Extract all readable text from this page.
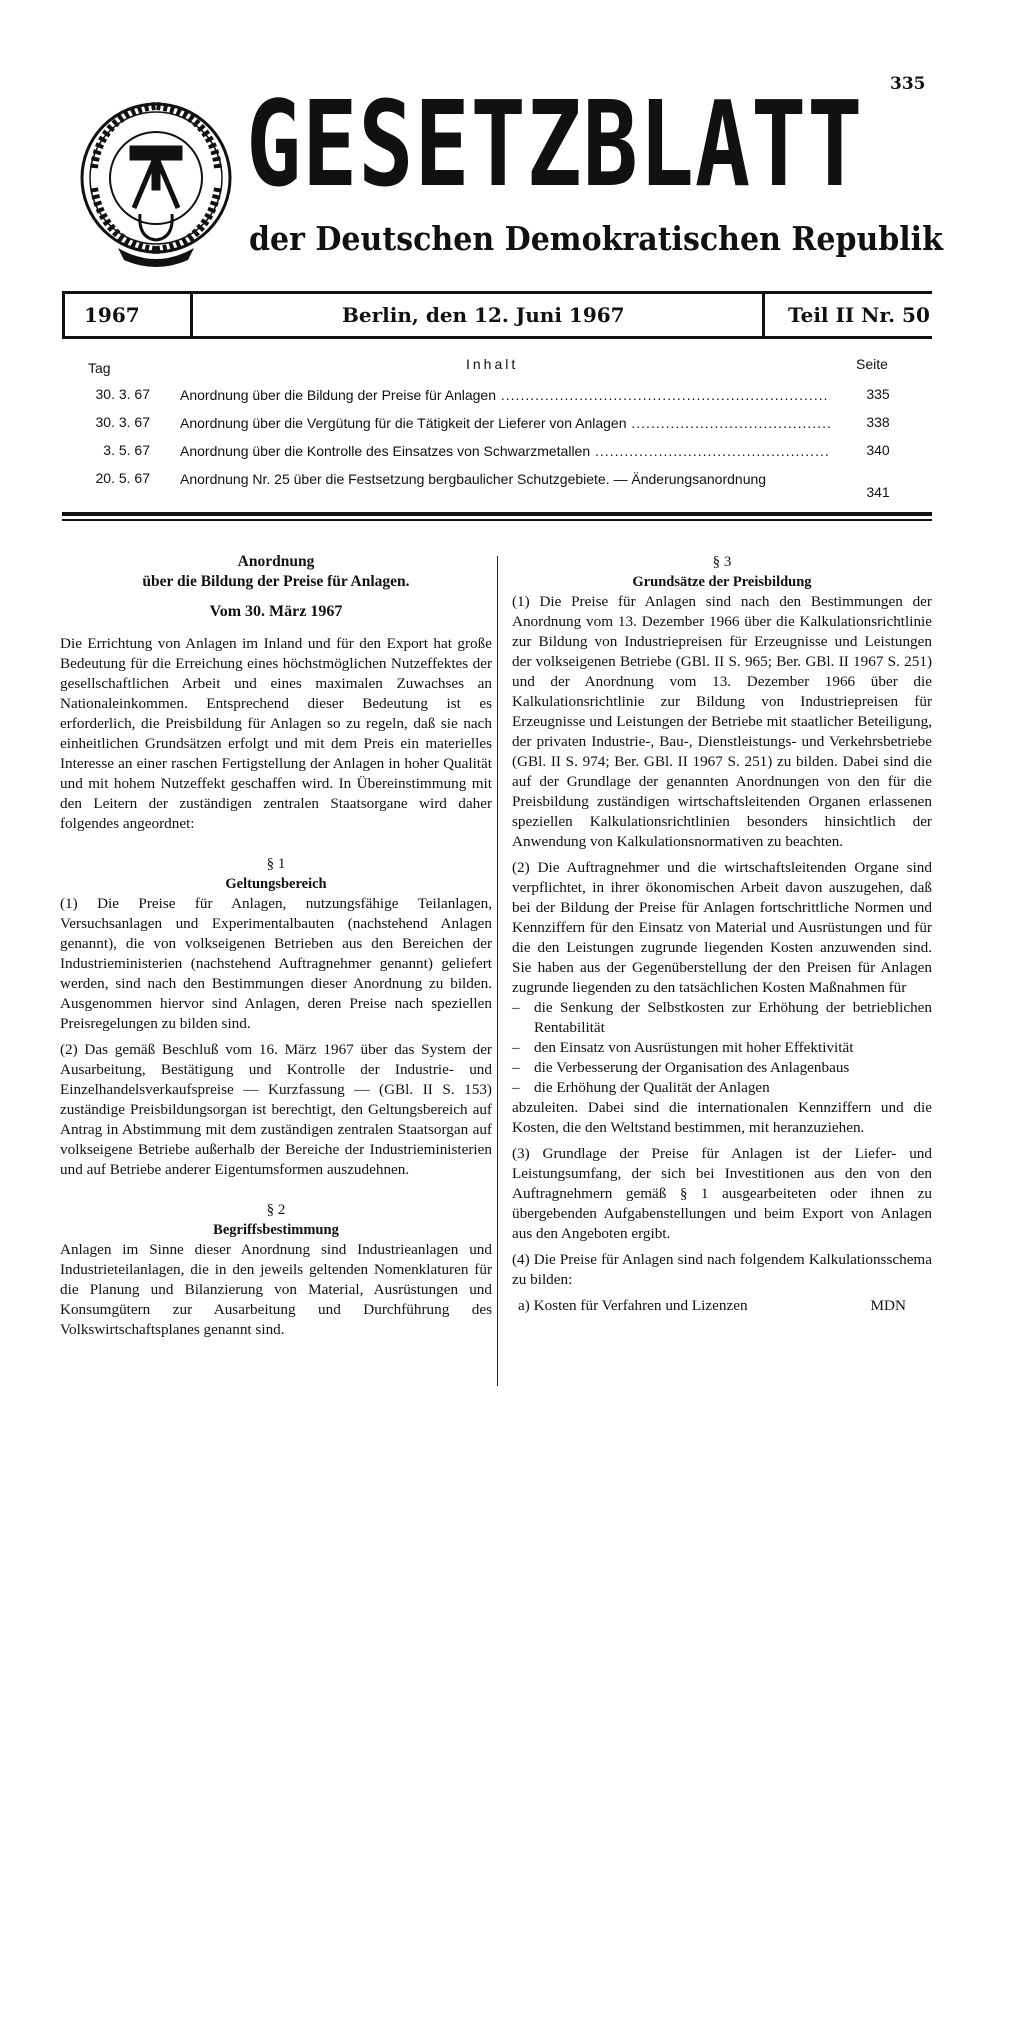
335
GESETZBLATT
der Deutschen Demokratischen Republik
1967	Berlin, den 12. Juni 1967	Teil II Nr. 50
Tag	Inhalt	Seite
30. 3. 67 Anordnung über die Bildung der Preise für Anlagen .....	335
30. 3. 67 Anordnung über die Vergütung für die Tätigkeit der Lieferer von Anlagen .....	338
3. 5. 67 Anordnung über die Kontrolle des Einsatzes von Schwarzmetallen .....	340
20. 5. 67 Anordnung Nr. 25 über die Festsetzung bergbaulicher Schutzgebiete. — Änderungsanordnung
341
Anordnung
über die Bildung der Preise für Anlagen.
Vom 30. März 1967

Die Errichtung von Anlagen im Inland und für den Export hat große Bedeutung für die Erreichung eines höchstmöglichen Nutzeffektes der gesellschaftlichen Arbeit und eines maximalen Zuwachses an Nationaleinkommen. Entsprechend dieser Bedeutung ist es erforderlich, die Preisbildung für Anlagen so zu regeln, daß sie nach einheitlichen Grundsätzen erfolgt und mit dem Preis ein materielles Interesse an einer raschen Fertigstellung der Anlagen in hoher Qualität und mit hohem Nutzeffekt geschaffen wird. In Übereinstimmung mit den Leitern der zuständigen zentralen Staatsorgane wird daher folgendes angeordnet:

§ 1
Geltungsbereich

(1) Die Preise für Anlagen, nutzungsfähige Teilanlagen, Versuchsanlagen und Experimentalbauten (nachstehend Anlagen genannt), die von volkseigenen Betrieben aus den Bereichen der Industrieministerien (nachstehend Auftragnehmer genannt) geliefert werden, sind nach den Bestimmungen dieser Anordnung zu bilden. Ausgenommen hiervor sind Anlagen, deren Preise nach speziellen Preisregelungen zu bilden sind.

(2) Das gemäß Beschluß vom 16. März 1967 über das System der Ausarbeitung, Bestätigung und Kontrolle der Industrie- und Einzelhandelsverkaufspreise — Kurzfassung — (GBl. II S. 153) zuständige Preisbildungsorgan ist berechtigt, den Geltungsbereich auf Antrag in Abstimmung mit dem zuständigen zentralen Staatsorgan auf volkseigene Betriebe außerhalb der Bereiche der Industrieministerien und auf Betriebe anderer Eigentumsformen auszudehnen.

§ 2
Begriffsbestimmung

Anlagen im Sinne dieser Anordnung sind Industrieanlagen und Industrieteilanlagen, die in den jeweils geltenden Nomenklaturen für die Planung und Bilanzierung von Material, Ausrüstungen und Konsumgütern zur Ausarbeitung und Durchführung des Volkswirtschaftsplanes genannt sind.

§ 3
Grundsätze der Preisbildung

(1) Die Preise für Anlagen sind nach den Bestimmungen der Anordnung vom 13. Dezember 1966 über die Kalkulationsrichtlinie zur Bildung von Industriepreisen für Erzeugnisse und Leistungen der volkseigenen Betriebe (GBl. II S. 965; Ber. GBl. II 1967 S. 251) und der Anordnung vom 13. Dezember 1966 über die Kalkulationsrichtlinie zur Bildung von Industriepreisen für Erzeugnisse und Leistungen der Betriebe mit staatlicher Beteiligung, der privaten Industrie-, Bau-, Dienstleistungs- und Verkehrsbetriebe (GBl. II S. 974; Ber. GBl. II 1967 S. 251) zu bilden. Dabei sind die auf der Grundlage der genannten Anordnungen von den für die Preisbildung zuständigen wirtschaftsleitenden Organen erlassenen speziellen Kalkulationsrichtlinien besonders hinsichtlich der Anwendung von Kalkulationsnormativen zu beachten.

(2) Die Auftragnehmer und die wirtschaftsleitenden Organe sind verpflichtet, in ihrer ökonomischen Arbeit davon auszugehen, daß bei der Bildung der Preise für Anlagen fortschrittliche Normen und Kennziffern für den Einsatz von Material und Ausrüstungen und für die den Leistungen zugrunde liegenden Kosten anzuwenden sind. Sie haben aus der Gegenüberstellung der den Preisen für Anlagen zugrunde liegenden zu den tatsächlichen Kosten Maßnahmen für

– die Senkung der Selbstkosten zur Erhöhung der betrieblichen Rentabilität
– den Einsatz von Ausrüstungen mit hoher Effektivität
– die Verbesserung der Organisation des Anlagenbaus
– die Erhöhung der Qualität der Anlagen

abzuleiten. Dabei sind die internationalen Kennziffern und die Kosten, die den Weltstand bestimmen, mit heranzuziehen.

(3) Grundlage der Preise für Anlagen ist der Liefer- und Leistungsumfang, der sich bei Investitionen aus den von den Auftragnehmern gemäß § 1 ausgearbeiteten oder ihnen zu übergebenden Aufgabenstellungen und beim Export von Anlagen aus den Angeboten ergibt.

(4) Die Preise für Anlagen sind nach folgendem Kalkulationsschema zu bilden:

a) Kosten für Verfahren und Lizenzen	MDN
